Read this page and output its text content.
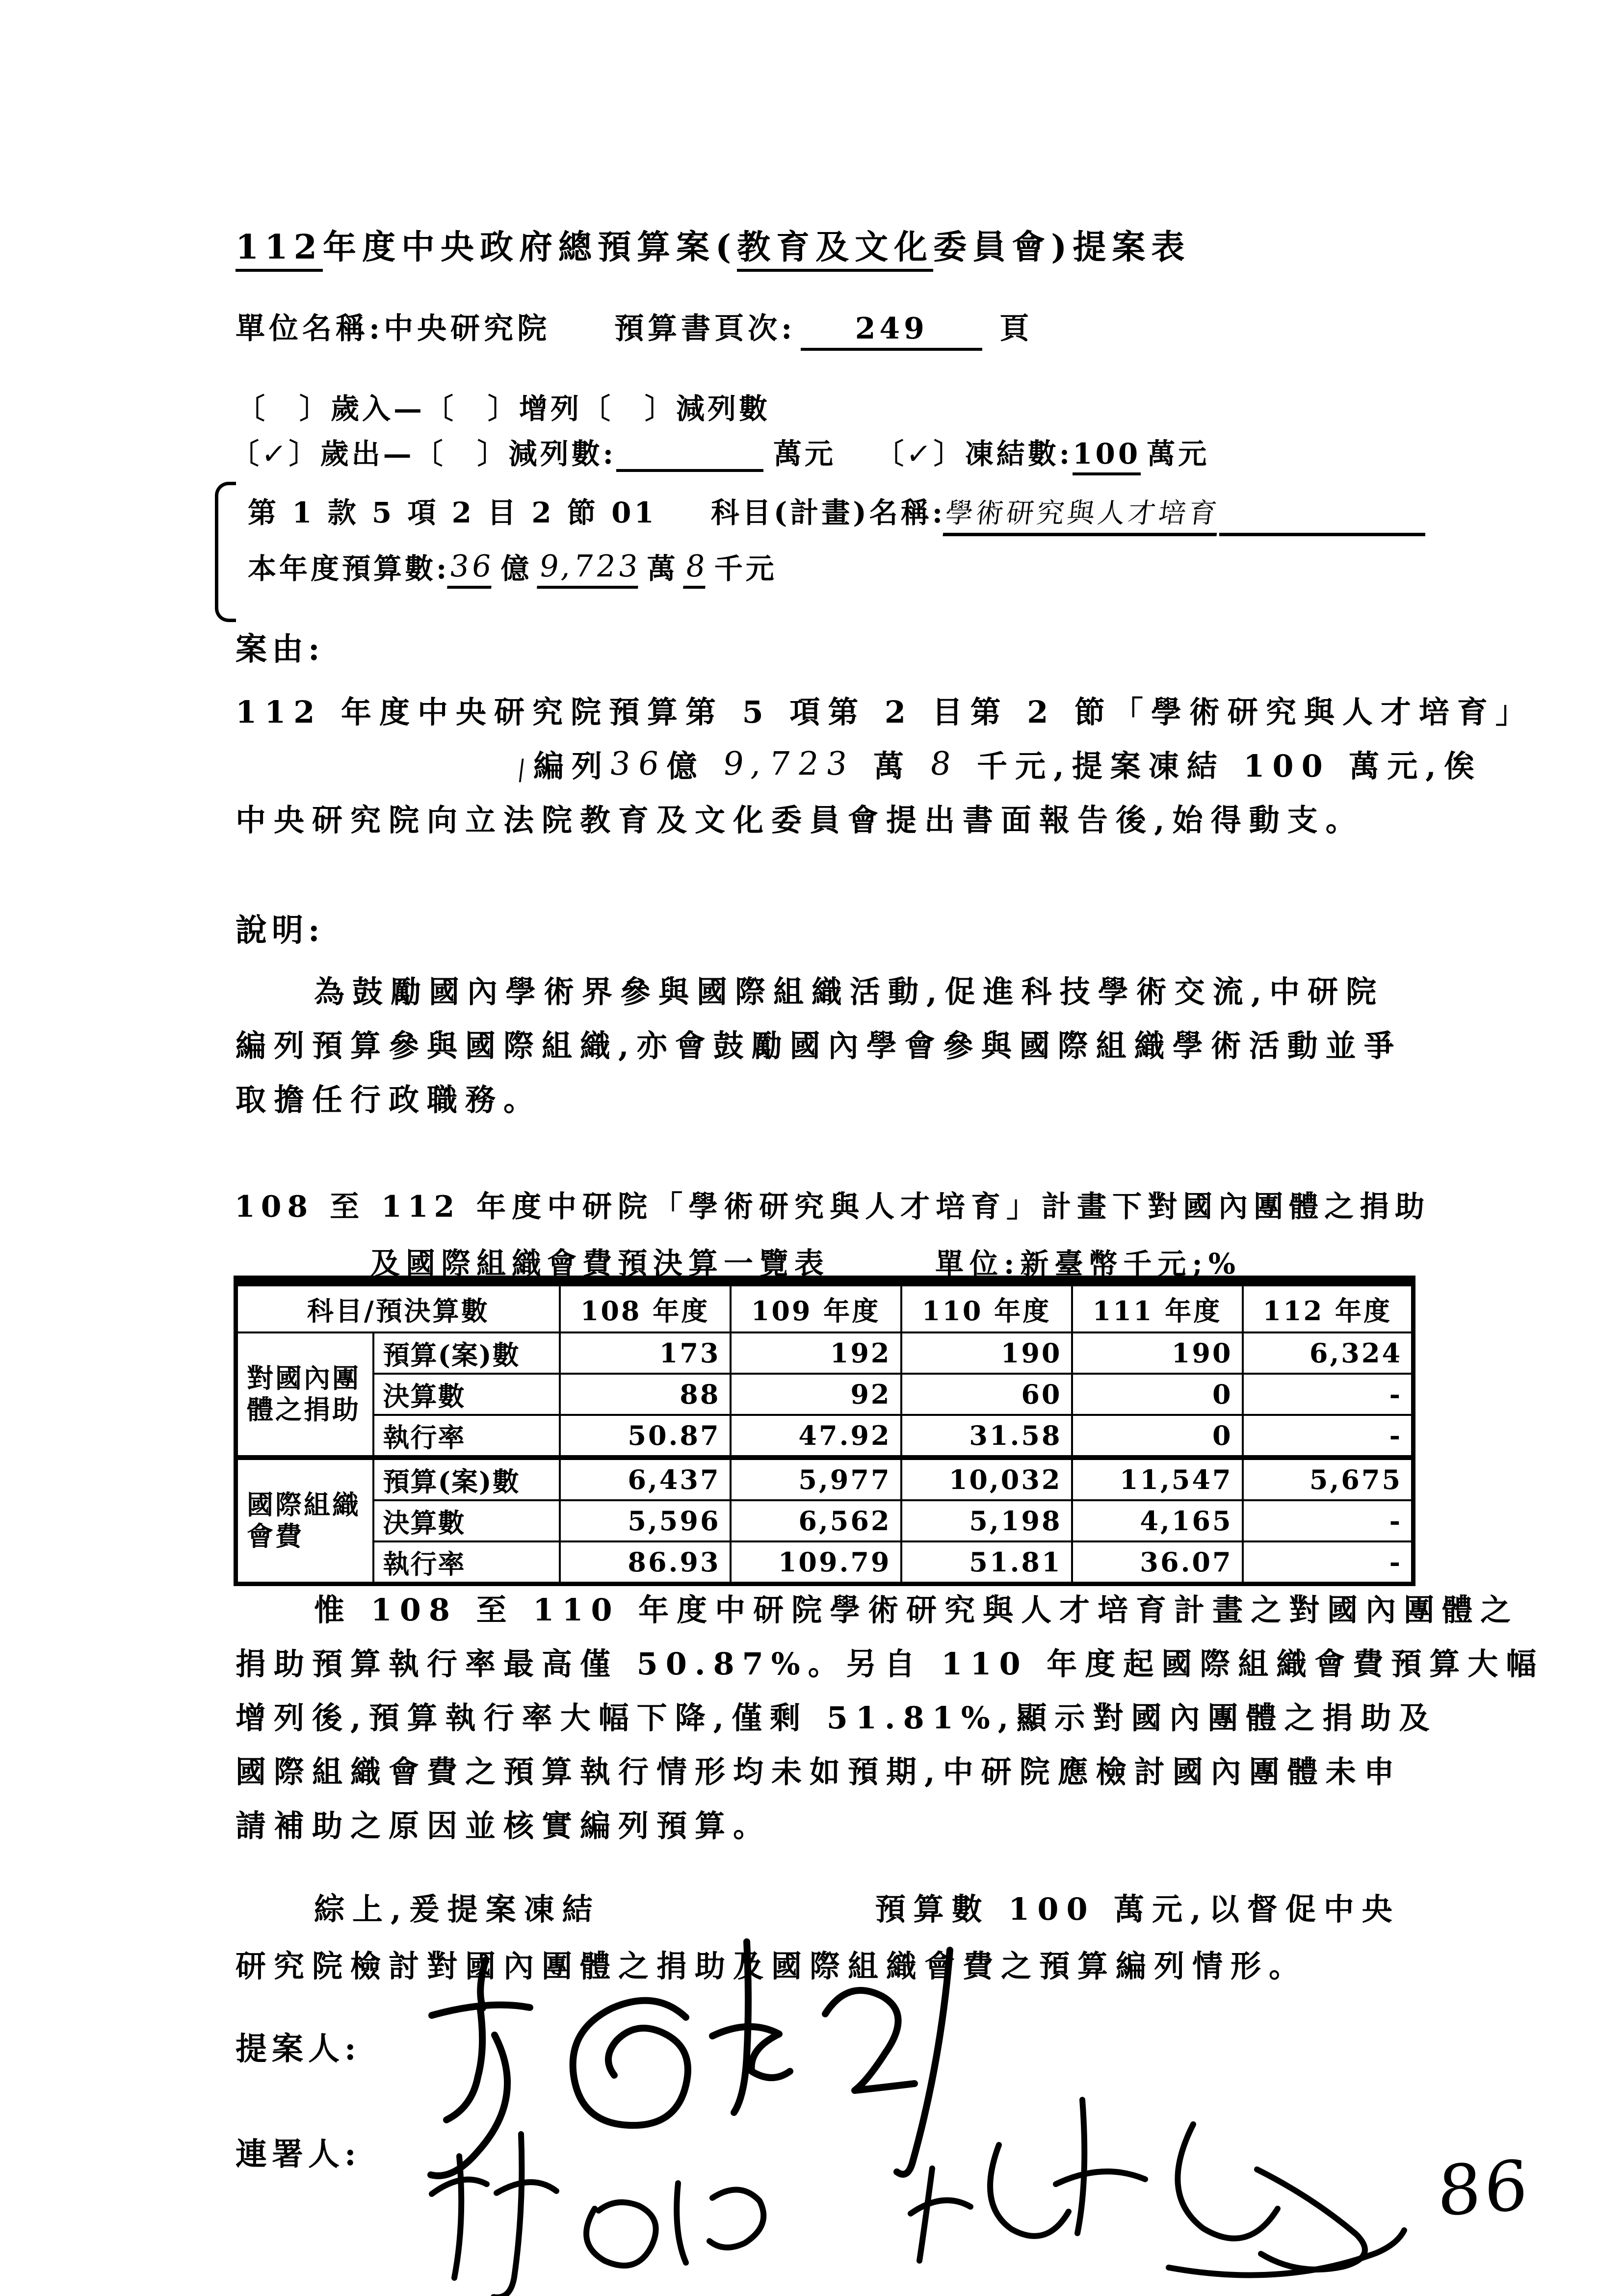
112年度中央政府總預算案(教育及文化委員會)提案表
單位名稱:中央研究院 預算書頁次: 249 頁
〔　〕歲入—〔　〕增列〔　〕減列數
〔✓〕歲出—〔　〕減列數:	萬元 〔✓〕凍結數:100 萬元
第 1 款 5 項 2 目 2 節 01 科目(計畫)名稱:學術研究與人才培育
本年度預算數:36 億 9,723 萬 8 千元
案由:
112 年度中央研究院預算第 5 項第 2 目第 2 節「學術研究與人才培育」
|編列36億 9,723 萬 8 千元,提案凍結 100 萬元,俟
中央研究院向立法院教育及文化委員會提出書面報告後,始得動支。
說明:
為鼓勵國內學術界參與國際組織活動,促進科技學術交流,中研院
編列預算參與國際組織,亦會鼓勵國內學會參與國際組織學術活動並爭
取擔任行政職務。
108 至 112 年度中研院「學術研究與人才培育」計畫下對國內團體之捐助
及國際組織會費預決算一覽表	單位:新臺幣千元;%
科目/預決算數		108 年度	109 年度	110 年度	111 年度	112 年度
對國內團體之捐助	預算(案)數	173	192	190	190	6,324
	決算數	88	92	60	0	-
	執行率	50.87	47.92	31.58	0	-
國際組織會費	預算(案)數	6,437	5,977	10,032	11,547	5,675
	決算數	5,596	6,562	5,198	4,165	-
	執行率	86.93	109.79	51.81	36.07	-
惟 108 至 110 年度中研院學術研究與人才培育計畫之對國內團體之
捐助預算執行率最高僅 50.87%。另自 110 年度起國際組織會費預算大幅
增列後,預算執行率大幅下降,僅剩 51.81%,顯示對國內團體之捐助及
國際組織會費之預算執行情形均未如預期,中研院應檢討國內團體未申
請補助之原因並核實編列預算。
綜上,爰提案凍結	預算數 100 萬元,以督促中央
研究院檢討對國內團體之捐助及國際組織會費之預算編列情形。
提案人:
連署人:	86
